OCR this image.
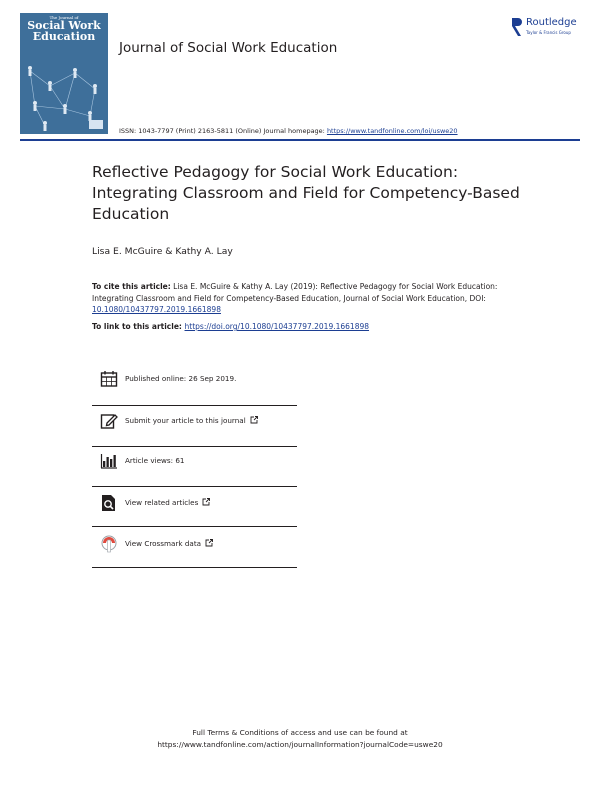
The Journal of
Social Work
Education
Journal of Social Work Education
Routledge
Taylor & Francis Group
ISSN: 1043-7797 (Print) 2163-5811 (Online) Journal homepage: https://www.tandfonline.com/loi/uswe20
Reflective Pedagogy for Social Work Education: Integrating Classroom and Field for Competency-Based Education
Lisa E. McGuire & Kathy A. Lay
To cite this article: Lisa E. McGuire & Kathy A. Lay (2019): Reflective Pedagogy for Social Work Education: Integrating Classroom and Field for Competency-Based Education, Journal of Social Work Education, DOI: 10.1080/10437797.2019.1661898
To link to this article: https://doi.org/10.1080/10437797.2019.1661898
Published online: 26 Sep 2019.
Submit your article to this journal
Article views: 61
View related articles
View Crossmark data
Full Terms & Conditions of access and use can be found at
https://www.tandfonline.com/action/journalInformation?journalCode=uswe20
